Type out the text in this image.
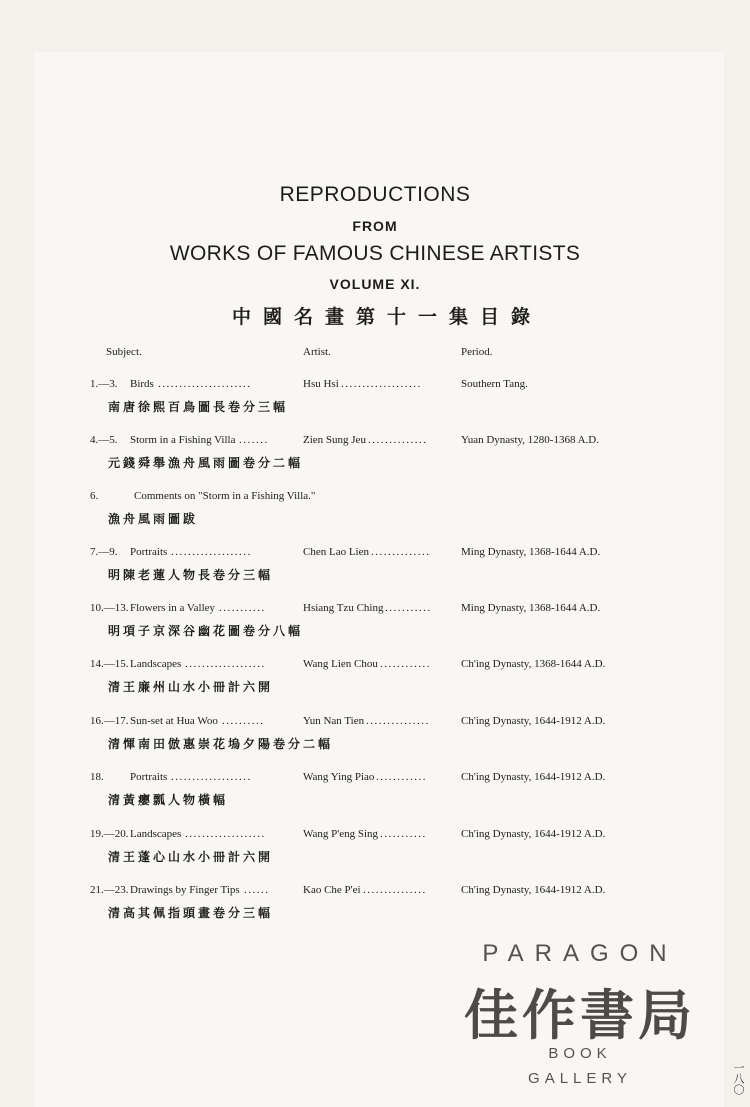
REPRODUCTIONS
FROM
WORKS OF FAMOUS CHINESE ARTISTS
VOLUME XI.
中國名畫第十一集目錄
Subject.	Artist.	Period.
1.—3. Birds ......................	Hsu Hsi ...................	Southern Tang.
南唐徐熙百鳥圖長卷分三幅
4.—5. Storm in a Fishing Villa .......	Zien Sung Jeu ..............	Yuan Dynasty, 1280-1368 A.D.
元錢舜舉漁舟風雨圖卷分二幅
6.	Comments on "Storm in a Fishing Villa."
漁舟風雨圖跋
7.—9. Portraits ...................	Chen Lao Lien ..............	Ming Dynasty, 1368-1644 A.D.
明陳老蓮人物長卷分三幅
10.—13. Flowers in a Valley ...........	Hsiang Tzu Ching ...........	Ming Dynasty, 1368-1644 A.D.
明項子京深谷幽花圖卷分八幅
14.—15. Landscapes ...................	Wang Lien Chou ............	Ch'ing Dynasty, 1368-1644 A.D.
清王廉州山水小冊計六開
16.—17. Sun-set at Hua Woo ..........	Yun Nan Tien ...............	Ch'ing Dynasty, 1644-1912 A.D.
清惲南田倣惠崇花塢夕陽卷分二幅
18. Portraits ...................	Wang Ying Piao ............	Ch'ing Dynasty, 1644-1912 A.D.
清黃癭瓢人物橫幅
19.—20. Landscapes ...................	Wang P'eng Sing ...........	Ch'ing Dynasty, 1644-1912 A.D.
清王蓬心山水小冊計六開
21.—23. Drawings by Finger Tips ......	Kao Che P'ei ...............	Ch'ing Dynasty, 1644-1912 A.D.
清高其佩指頭畫卷分三幅
PARAGON
佳作書局
BOOK
GALLERY	一八〇
